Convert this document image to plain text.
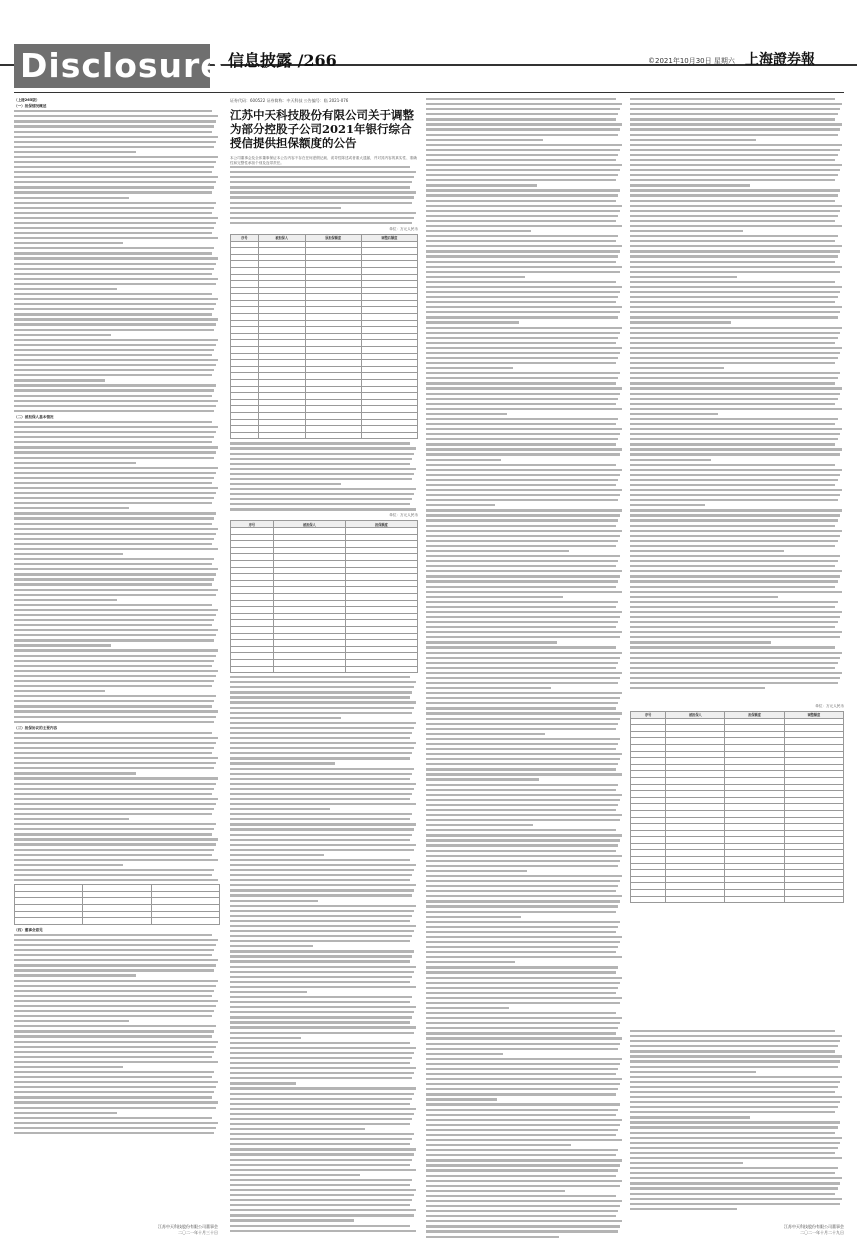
Disclosure 信息披露 /266	©2021年10月30日 星期六 上海證券報

（上接265版）

（一）担保情况概述

（二）被担保人基本情况

（三）担保协议的主要内容

（四）董事会意见

江苏中天科技股份有限公司董事会
二〇二一年十月三十日
证券代码：600522 证券简称：中天科技 公告编号：临 2021-076
江苏中天科技股份有限公司关于调整为部分控股子公司2021年银行综合授信提供担保额度的公告
本公司董事会及全体董事保证本公告内容不存在任何虚假记载、误导性陈述或者重大遗漏，并对其内容的真实性、准确性和完整性承担个别及连带责任。
单位：万元人民币
序号	被担保人	原担保额度	调整后额度

单位：万元人民币
序号	被担保人	担保额度

单位：万元人民币
序号	被担保人	担保额度	调整额度

江苏中天科技股份有限公司董事会
二〇二一年十月二十九日
